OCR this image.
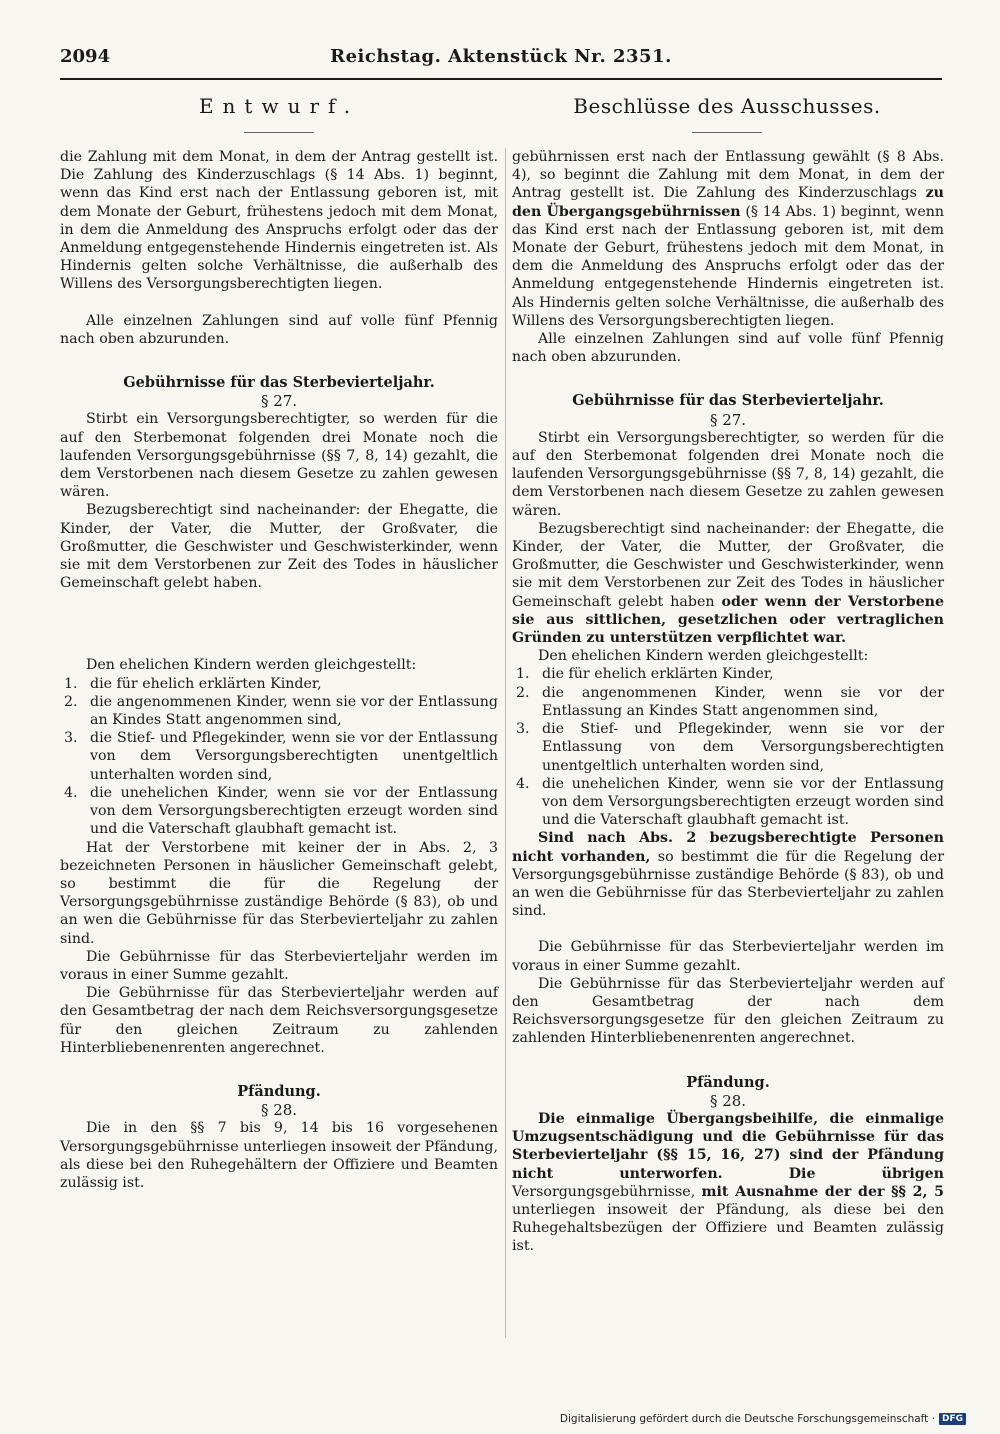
2094	Reichstag. Aktenstück Nr. 2351.
Entwurf.	Beschlüsse des Ausschusses.

die Zahlung mit dem Monat, in dem der Antrag gestellt ist. Die Zahlung des Kinderzuschlags (§ 14 Abs. 1) beginnt, wenn das Kind erst nach der Entlassung geboren ist, mit dem Monate der Geburt, frühestens jedoch mit dem Monat, in dem die Anmeldung des Anspruchs erfolgt oder das der Anmeldung entgegenstehende Hindernis eingetreten ist. Als Hindernis gelten solche Verhältnisse, die außerhalb des Willens des Versorgungsberechtigten liegen.

Alle einzelnen Zahlungen sind auf volle fünf Pfennig nach oben abzurunden.

Gebührnisse für das Sterbevierteljahr.

§ 27.

Stirbt ein Versorgungsberechtigter, so werden für die auf den Sterbemonat folgenden drei Monate noch die laufenden Versorgungsgebührnisse (§§ 7, 8, 14) gezahlt, die dem Verstorbenen nach diesem Gesetze zu zahlen gewesen wären.

Bezugsberechtigt sind nacheinander: der Ehegatte, die Kinder, der Vater, die Mutter, der Großvater, die Großmutter, die Geschwister und Geschwisterkinder, wenn sie mit dem Verstorbenen zur Zeit des Todes in häuslicher Gemeinschaft gelebt haben.

Den ehelichen Kindern werden gleichgestellt:

1. die für ehelich erklärten Kinder,
2. die angenommenen Kinder, wenn sie vor der Entlassung an Kindes Statt angenommen sind,
3. die Stief- und Pflegekinder, wenn sie vor der Entlassung von dem Versorgungsberechtigten unentgeltlich unterhalten worden sind,
4. die unehelichen Kinder, wenn sie vor der Entlassung von dem Versorgungsberechtigten erzeugt worden sind und die Vaterschaft glaubhaft gemacht ist.

Hat der Verstorbene mit keiner der in Abs. 2, 3 bezeichneten Personen in häuslicher Gemeinschaft gelebt, so bestimmt die für die Regelung der Versorgungsgebührnisse zuständige Behörde (§ 83), ob und an wen die Gebührnisse für das Sterbevierteljahr zu zahlen sind.

Die Gebührnisse für das Sterbevierteljahr werden im voraus in einer Summe gezahlt.

Die Gebührnisse für das Sterbevierteljahr werden auf den Gesamtbetrag der nach dem Reichsversorgungsgesetze für den gleichen Zeitraum zu zahlenden Hinterbliebenenrenten angerechnet.

Pfändung.

§ 28.

Die in den §§ 7 bis 9, 14 bis 16 vorgesehenen Versorgungsgebührnisse unterliegen insoweit der Pfändung, als diese bei den Ruhegehältern der Offiziere und Beamten zulässig ist.

gebührnissen erst nach der Entlassung gewählt (§ 8 Abs. 4), so beginnt die Zahlung mit dem Monat, in dem der Antrag gestellt ist. Die Zahlung des Kinderzuschlags zu den Übergangsgebührnissen (§ 14 Abs. 1) beginnt, wenn das Kind erst nach der Entlassung geboren ist, mit dem Monate der Geburt, frühestens jedoch mit dem Monat, in dem die Anmeldung des Anspruchs erfolgt oder das der Anmeldung entgegenstehende Hindernis eingetreten ist. Als Hindernis gelten solche Verhältnisse, die außerhalb des Willens des Versorgungsberechtigten liegen.

Alle einzelnen Zahlungen sind auf volle fünf Pfennig nach oben abzurunden.

Gebührnisse für das Sterbevierteljahr.

§ 27.

Stirbt ein Versorgungsberechtigter, so werden für die auf den Sterbemonat folgenden drei Monate noch die laufenden Versorgungsgebührnisse (§§ 7, 8, 14) gezahlt, die dem Verstorbenen nach diesem Gesetze zu zahlen gewesen wären.

Bezugsberechtigt sind nacheinander: der Ehegatte, die Kinder, der Vater, die Mutter, der Großvater, die Großmutter, die Geschwister und Geschwisterkinder, wenn sie mit dem Verstorbenen zur Zeit des Todes in häuslicher Gemeinschaft gelebt haben oder wenn der Verstorbene sie aus sittlichen, gesetzlichen oder vertraglichen Gründen zu unterstützen verpflichtet war.

Den ehelichen Kindern werden gleichgestellt:

1. die für ehelich erklärten Kinder,
2. die angenommenen Kinder, wenn sie vor der Entlassung an Kindes Statt angenommen sind,
3. die Stief- und Pflegekinder, wenn sie vor der Entlassung von dem Versorgungsberechtigten unentgeltlich unterhalten worden sind,
4. die unehelichen Kinder, wenn sie vor der Entlassung von dem Versorgungsberechtigten erzeugt worden sind und die Vaterschaft glaubhaft gemacht ist.

Sind nach Abs. 2 bezugsberechtigte Personen nicht vorhanden, so bestimmt die für die Regelung der Versorgungsgebührnisse zuständige Behörde (§ 83), ob und an wen die Gebührnisse für das Sterbevierteljahr zu zahlen sind.

Die Gebührnisse für das Sterbevierteljahr werden im voraus in einer Summe gezahlt.

Die Gebührnisse für das Sterbevierteljahr werden auf den Gesamtbetrag der nach dem Reichsversorgungsgesetze für den gleichen Zeitraum zu zahlenden Hinterbliebenenrenten angerechnet.

Pfändung.

§ 28.

Die einmalige Übergangsbeihilfe, die einmalige Umzugsentschädigung und die Gebührnisse für das Sterbevierteljahr (§§ 15, 16, 27) sind der Pfändung nicht unterworfen. Die übrigen Versorgungsgebührnisse, mit Ausnahme der der §§ 2, 5 unterliegen insoweit der Pfändung, als diese bei den Ruhegehaltsbezügen der Offiziere und Beamten zulässig ist.

Digitalisierung gefördert durch die Deutsche Forschungsgemeinschaft · DFG
